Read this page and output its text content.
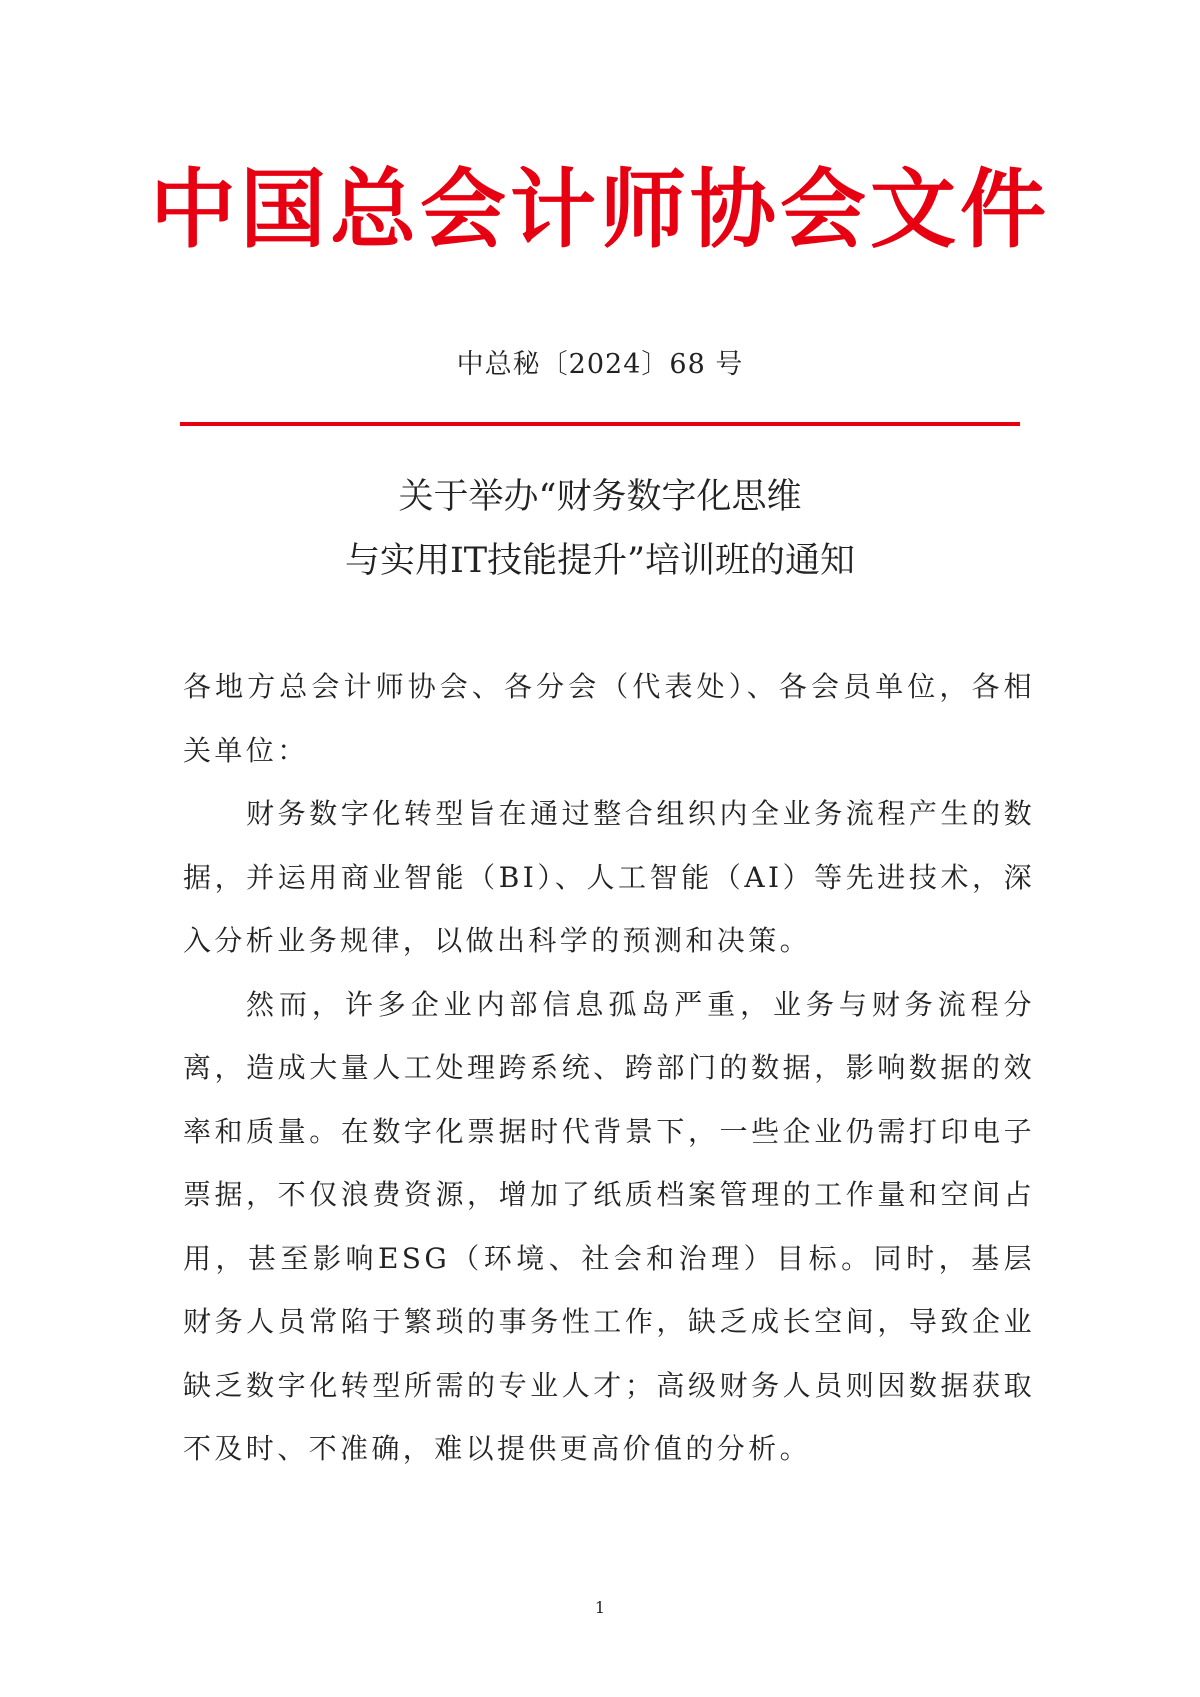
中国总会计师协会文件
中总秘〔2024〕68 号
关于举办“财务数字化思维
与实用IT技能提升”培训班的通知

各地方总会计师协会、各分会（代表处）、各会员单位，各相关单位：

财务数字化转型旨在通过整合组织内全业务流程产生的数据，并运用商业智能（BI）、人工智能（AI）等先进技术，深入分析业务规律，以做出科学的预测和决策。

然而，许多企业内部信息孤岛严重，业务与财务流程分离，造成大量人工处理跨系统、跨部门的数据，影响数据的效率和质量。在数字化票据时代背景下，一些企业仍需打印电子票据，不仅浪费资源，增加了纸质档案管理的工作量和空间占用，甚至影响ESG（环境、社会和治理）目标。同时，基层财务人员常陷于繁琐的事务性工作，缺乏成长空间，导致企业缺乏数字化转型所需的专业人才；高级财务人员则因数据获取不及时、不准确，难以提供更高价值的分析。

1
